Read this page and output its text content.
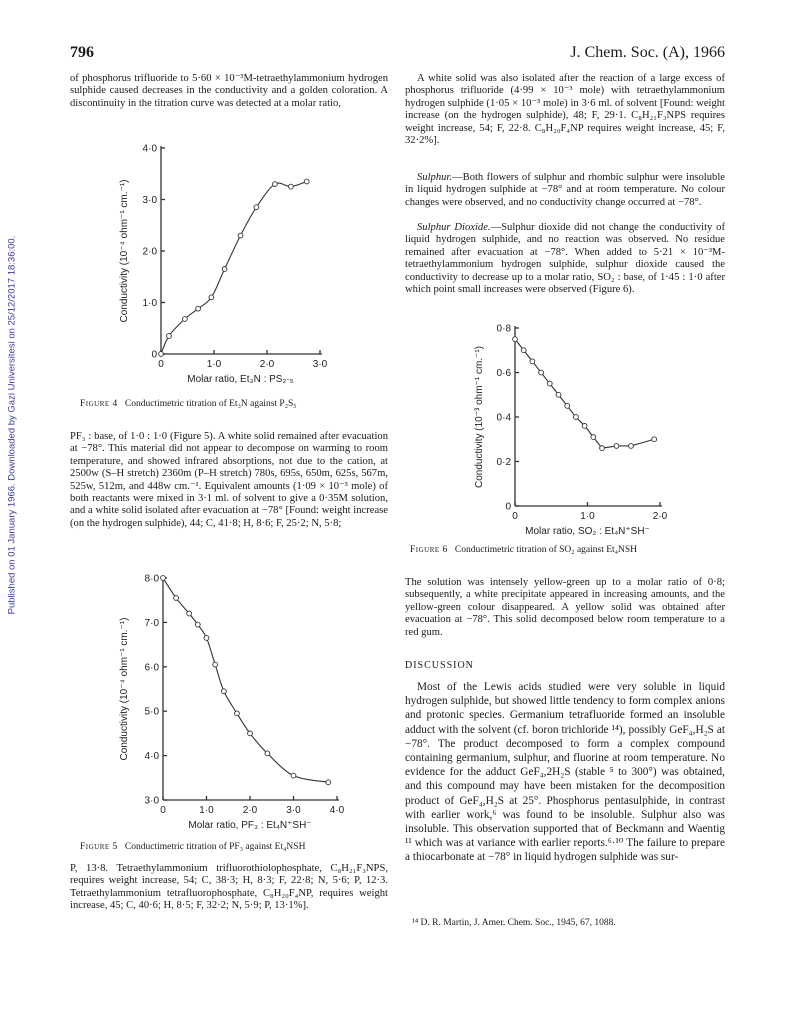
796	J. Chem. Soc. (A), 1966
Published on 01 January 1966. Downloaded by Gazi Universitesi on 25/12/2017 18:36:00.

of phosphorus trifluoride to 5·60 × 10⁻³M-tetraethylammonium hydrogen sulphide caused decreases in the conductivity and a golden coloration. A discontinuity in the titration curve was detected at a molar ratio,

0	1·0	2·0	3·0
0
1·0
2·0
3·0
4·0
Molar ratio, Et₃N : PS₂·₅
Conductivity (10⁻⁴ ohm⁻¹ cm.⁻¹)
Figure 4 Conductimetric titration of Et₃N against P₂S₅

PF₃ : base, of 1·0 : 1·0 (Figure 5). A white solid remained after evacuation at −78°. This material did not appear to decompose on warming to room temperature, and showed infrared absorptions, not due to the cation, at 2500w (S–H stretch) 2360m (P–H stretch) 780s, 695s, 650m, 625s, 567m, 525w, 512m, and 448w cm.⁻¹. Equivalent amounts (1·09 × 10⁻³ mole) of both reactants were mixed in 3·1 ml. of solvent to give a 0·35M solution, and a white solid isolated after evacuation at −78° [Found: weight increase (on the hydrogen sulphide), 44; C, 41·8; H, 8·6; F, 25·2; N, 5·8;

0	1·0	2·0	3·0	4·0
3·0
4·0
5·0
6·0
7·0
8·0
Molar ratio, PF₃ : Et₄N⁺SH⁻
Conductivity (10⁻⁴ ohm⁻¹ cm.⁻¹)
Figure 5 Conductimetric titration of PF₃ against Et₄NSH

P, 13·8. Tetraethylammonium trifluorothiolophosphate, C₈H₂₁F₃NPS, requires weight increase, 54; C, 38·3; H, 8·3; F, 22·8; N, 5·6; P, 12·3. Tetraethylammonium tetrafluorophosphate, C₈H₂₀F₄NP, requires weight increase, 45; C, 40·6; H, 8·5; F, 32·2; N, 5·9; P, 13·1%].

A white solid was also isolated after the reaction of a large excess of phosphorus trifluoride (4·99 × 10⁻³ mole) with tetraethylammonium hydrogen sulphide (1·05 × 10⁻³ mole) in 3·6 ml. of solvent [Found: weight increase (on the hydrogen sulphide), 48; F, 29·1. C₈H₂₁F₃NPS requires weight increase, 54; F, 22·8. C₈H₂₀F₄NP requires weight increase, 45; F, 32·2%].

Sulphur.—Both flowers of sulphur and rhombic sulphur were insoluble in liquid hydrogen sulphide at −78° and at room temperature. No colour changes were observed, and no conductivity change occurred at −78°.

Sulphur Dioxide.—Sulphur dioxide did not change the conductivity of liquid hydrogen sulphide, and no reaction was observed. No residue remained after evacuation at −78°. When added to 5·21 × 10⁻³M-tetraethylammonium hydrogen sulphide, sulphur dioxide caused the conductivity to decrease up to a molar ratio, SO₂ : base, of 1·45 : 1·0 after which point small increases were observed (Figure 6).

0	1·0	2·0
0
0·2
0·4
0·6
0·8
Molar ratio, SO₂ : Et₄N⁺SH⁻
Conductivity (10⁻³ ohm⁻¹ cm.⁻¹)
Figure 6 Conductimetric titration of SO₂ against Et₄NSH

The solution was intensely yellow-green up to a molar ratio of 0·8; subsequently, a white precipitate appeared in increasing amounts, and the yellow-green colour disappeared. A yellow solid was obtained after evacuation at −78°. This solid decomposed below room temperature to a red gum.

DISCUSSION

Most of the Lewis acids studied were very soluble in liquid hydrogen sulphide, but showed little tendency to form complex anions and protonic species. Germanium tetrafluoride formed an insoluble adduct with the solvent (cf. boron trichloride ¹⁴), possibly GeF₄,H₂S at −78°. The product decomposed to form a complex compound containing germanium, sulphur, and fluorine at room temperature. No evidence for the adduct GeF₄,2H₂S (stable ⁵ to 300°) was obtained, and this compound may have been mistaken for the decomposition product of GeF₄,H₂S at 25°. Phosphorus pentasulphide, in contrast with earlier work,⁶ was found to be insoluble. Sulphur also was insoluble. This observation supported that of Beckmann and Waentig ¹¹ which was at variance with earlier reports.⁶·¹⁰ The failure to prepare a thiocarbonate at −78° in liquid hydrogen sulphide was sur-

¹⁴ D. R. Martin, J. Amer. Chem. Soc., 1945, 67, 1088.
